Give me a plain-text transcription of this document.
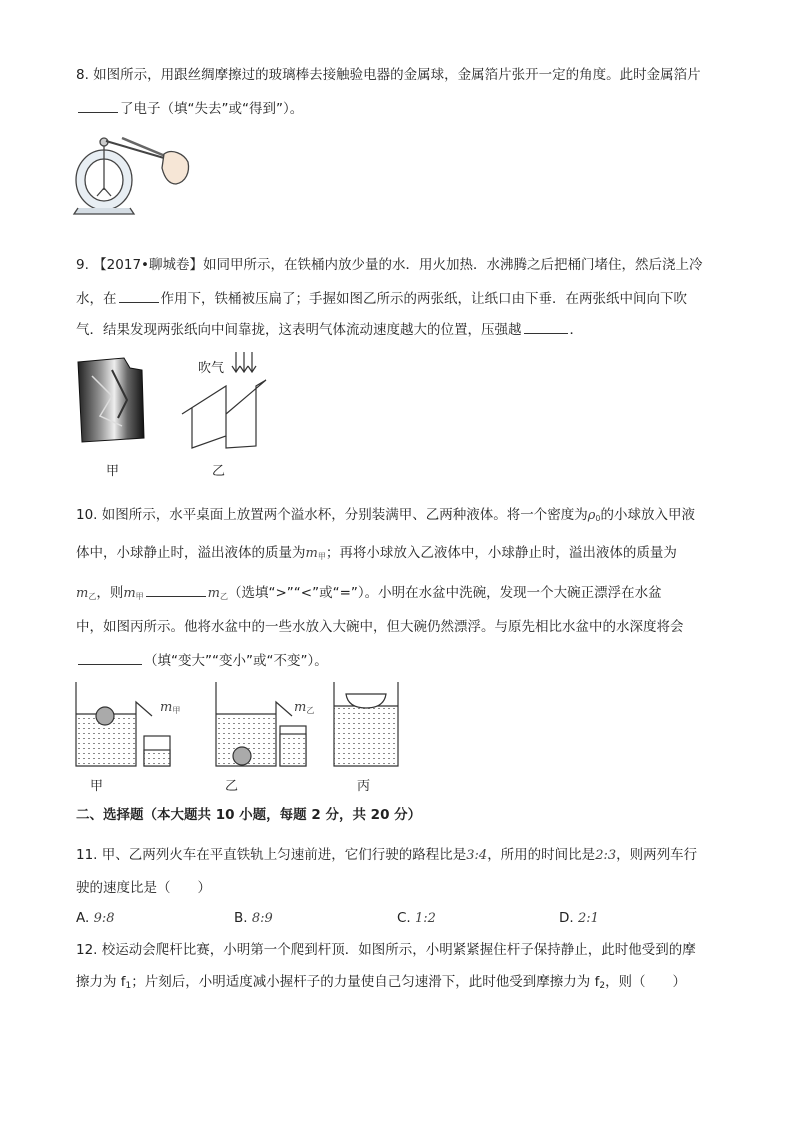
8. 如图所示，用跟丝绸摩擦过的玻璃棒去接触验电器的金属球，金属箔片张开一定的角度。此时金属箔片
了电子（填“失去”或“得到”）。
9. 【2017•聊城卷】如同甲所示，在铁桶内放少量的水．用火加热．水沸腾之后把桶门堵住，然后浇上冷
水，在	作用下，铁桶被压扁了；手握如图乙所示的两张纸，让纸口由下垂．在两张纸中间向下吹
气．结果发现两张纸向中间靠拢，这表明气体流动速度越大的位置，压强越	．
甲
吹气
乙
10. 如图所示，水平桌面上放置两个溢水杯，分别装满甲、乙两种液体。将一个密度为$\rho_0$的小球放入甲液
体中，小球静止时，溢出液体的质量为$m_甲$；再将小球放入乙液体中，小球静止时，溢出液体的质量为
$m_乙$，则$m_甲$	$m_乙$（选填“>”“<”或“=”）。小明在水盆中洗碗，发现一个大碗正漂浮在水盆
中，如图丙所示。他将水盆中的一些水放入大碗中，但大碗仍然漂浮。与原先相比水盆中的水深度将会
（填“变大”“变小”或“不变”）。
$m_甲$	$m_乙$
甲	乙	丙
二、选择题（本大题共 10 小题，每题 2 分，共 20 分）
11. 甲、乙两列火车在平直铁轨上匀速前进，它们行驶的路程比是3:4，所用的时间比是2:3，则两列车行
驶的速度比是（　　）
A. 9:8	B. 8:9	C. 1:2	D. 2:1
12. 校运动会爬杆比赛，小明第一个爬到杆顶．如图所示，小明紧紧握住杆子保持静止，此时他受到的摩
擦力为 $f_1$；片刻后，小明适度减小握杆子的力量使自己匀速滑下，此时他受到摩擦力为 $f_2$，则（　　）
